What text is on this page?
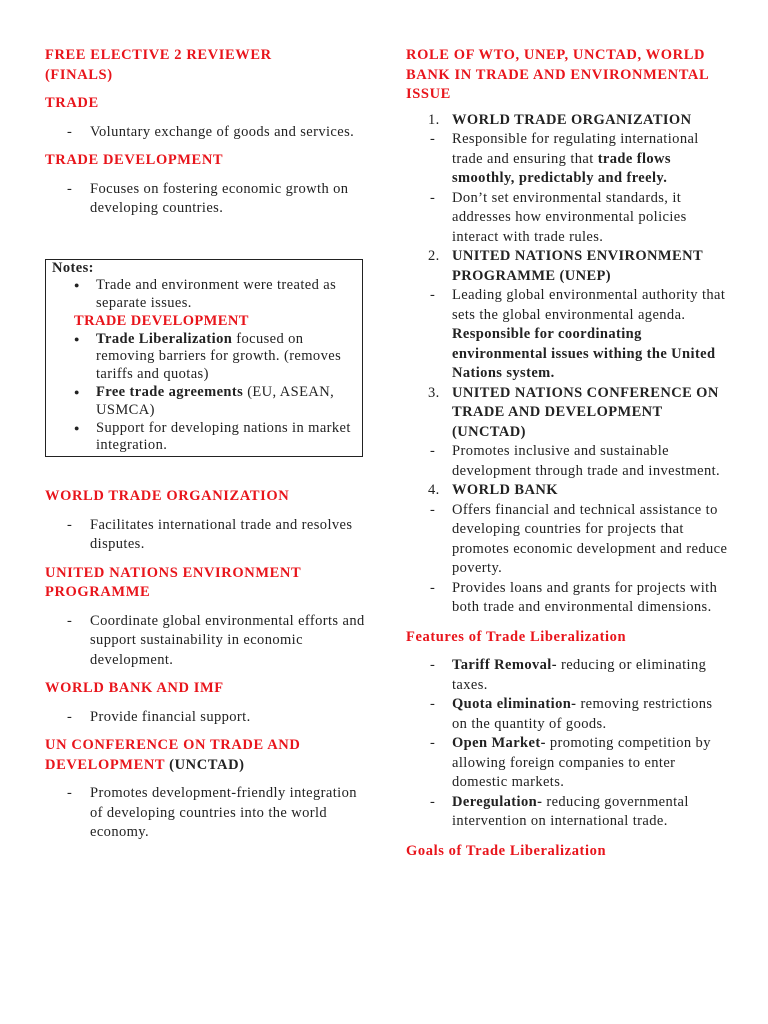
FREE ELECTIVE 2 REVIEWER
(FINALS)
TRADE
- Voluntary exchange of goods and services.
TRADE DEVELOPMENT
- Focuses on fostering economic growth on developing countries.
Notes:
● Trade and environment were treated as separate issues.
TRADE DEVELOPMENT
● Trade Liberalization focused on removing barriers for growth. (removes tariffs and quotas)
● Free trade agreements (EU, ASEAN, USMCA)
● Support for developing nations in market integration.
WORLD TRADE ORGANIZATION
- Facilitates international trade and resolves disputes.
UNITED NATIONS ENVIRONMENT PROGRAMME
- Coordinate global environmental efforts and support sustainability in economic development.
WORLD BANK AND IMF
- Provide financial support.
UN CONFERENCE ON TRADE AND DEVELOPMENT (UNCTAD)
- Promotes development-friendly integration of developing countries into the world economy.
ROLE OF WTO, UNEP, UNCTAD, WORLD BANK IN TRADE AND ENVIRONMENTAL ISSUE
1. WORLD TRADE ORGANIZATION
- Responsible for regulating international trade and ensuring that trade flows smoothly, predictably and freely.
- Don’t set environmental standards, it addresses how environmental policies interact with trade rules.
2. UNITED NATIONS ENVIRONMENT PROGRAMME (UNEP)
- Leading global environmental authority that sets the global environmental agenda. Responsible for coordinating environmental issues withing the United Nations system.
3. UNITED NATIONS CONFERENCE ON TRADE AND DEVELOPMENT (UNCTAD)
- Promotes inclusive and sustainable development through trade and investment.
4. WORLD BANK
- Offers financial and technical assistance to developing countries for projects that promotes economic development and reduce poverty.
- Provides loans and grants for projects with both trade and environmental dimensions.
Features of Trade Liberalization
- Tariff Removal- reducing or eliminating taxes.
- Quota elimination- removing restrictions on the quantity of goods.
- Open Market- promoting competition by allowing foreign companies to enter domestic markets.
- Deregulation- reducing governmental intervention on international trade.
Goals of Trade Liberalization
